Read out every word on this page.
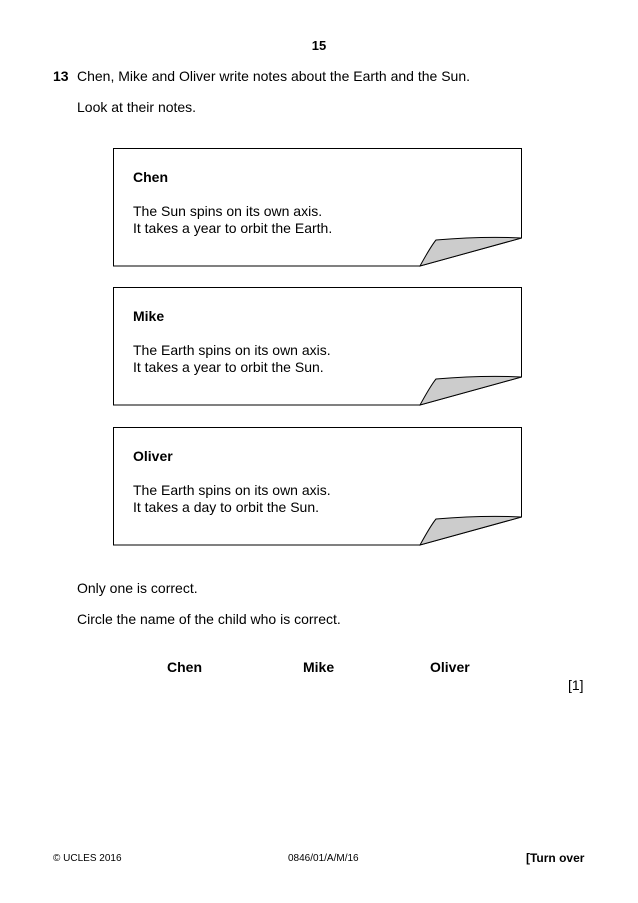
15
13 Chen, Mike and Oliver write notes about the Earth and the Sun.
Look at their notes.
Chen
The Sun spins on its own axis.
It takes a year to orbit the Earth.
Mike
The Earth spins on its own axis.
It takes a year to orbit the Sun.
Oliver
The Earth spins on its own axis.
It takes a day to orbit the Sun.
Only one is correct.
Circle the name of the child who is correct.
Chen	Mike	Oliver
[1]
© UCLES 2016	0846/01/A/M/16	[Turn over
